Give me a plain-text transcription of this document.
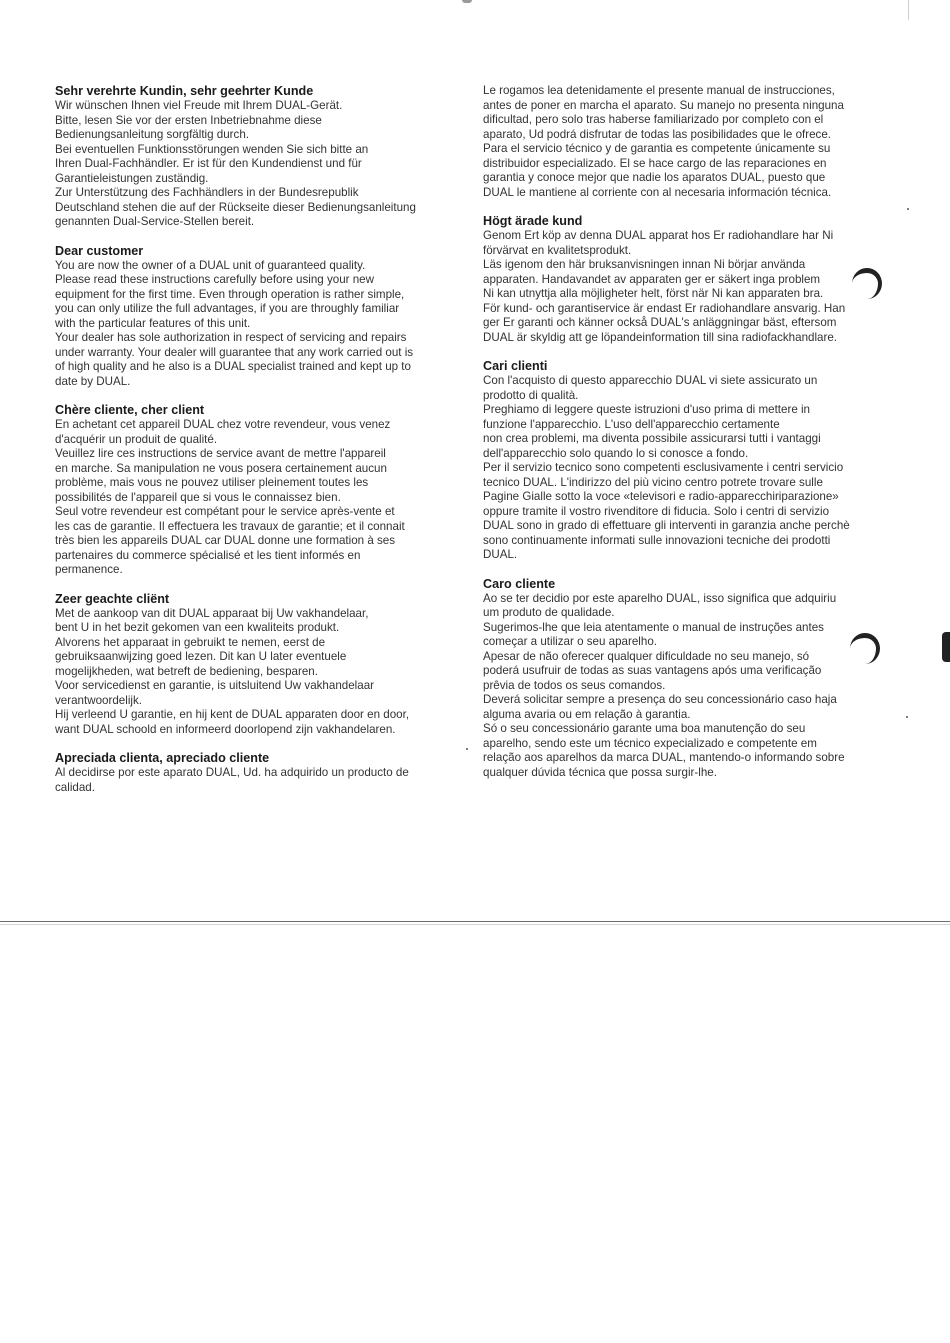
Sehr verehrte Kundin, sehr geehrter Kunde

Wir wünschen Ihnen viel Freude mit Ihrem DUAL-Gerät.
Bitte, lesen Sie vor der ersten Inbetriebnahme diese
Bedienungsanleitung sorgfältig durch.
Bei eventuellen Funktionsstörungen wenden Sie sich bitte an
Ihren Dual-Fachhändler. Er ist für den Kundendienst und für
Garantieleistungen zuständig.
Zur Unterstützung des Fachhändlers in der Bundesrepublik
Deutschland stehen die auf der Rückseite dieser Bedienungsanleitung
genannten Dual-Service-Stellen bereit.

Dear customer

You are now the owner of a DUAL unit of guaranteed quality.
Please read these instructions carefully before using your new
equipment for the first time. Even through operation is rather simple,
you can only utilize the full advantages, if you are throughly familiar
with the particular features of this unit.
Your dealer has sole authorization in respect of servicing and repairs
under warranty. Your dealer will guarantee that any work carried out is
of high quality and he also is a DUAL specialist trained and kept up to
date by DUAL.

Chère cliente, cher client

En achetant cet appareil DUAL chez votre revendeur, vous venez
d'acquérir un produit de qualité.
Veuillez lire ces instructions de service avant de mettre l'appareil
en marche. Sa manipulation ne vous posera certainement aucun
problème, mais vous ne pouvez utiliser pleinement toutes les
possibilités de l'appareil que si vous le connaissez bien.
Seul votre revendeur est compétant pour le service après-vente et
les cas de garantie. Il effectuera les travaux de garantie; et il connait
très bien les appareils DUAL car DUAL donne une formation à ses
partenaires du commerce spécialisé et les tient informés en
permanence.

Zeer geachte cliënt

Met de aankoop van dit DUAL apparaat bij Uw vakhandelaar,
bent U in het bezit gekomen van een kwaliteits produkt.
Alvorens het apparaat in gebruikt te nemen, eerst de
gebruiksaanwijzing goed lezen. Dit kan U later eventuele
mogelijkheden, wat betreft de bediening, besparen.
Voor servicedienst en garantie, is uitsluitend Uw vakhandelaar
verantwoordelijk.
Hij verleend U garantie, en hij kent de DUAL apparaten door en door,
want DUAL schoold en informeerd doorlopend zijn vakhandelaren.

Apreciada clienta, apreciado cliente

Al decidirse por este aparato DUAL, Ud. ha adquirido un producto de
calidad.

Le rogamos lea detenidamente el presente manual de instrucciones,
antes de poner en marcha el aparato. Su manejo no presenta ninguna
dificultad, pero solo tras haberse familiarizado por completo con el
aparato, Ud podrá disfrutar de todas las posibilidades que le ofrece.
Para el servicio técnico y de garantia es competente únicamente su
distribuidor especializado. El se hace cargo de las reparaciones en
garantia y conoce mejor que nadie los aparatos DUAL, puesto que
DUAL le mantiene al corriente con al necesaria información técnica.

Högt ärade kund

Genom Ert köp av denna DUAL apparat hos Er radiohandlare har Ni
förvärvat en kvalitetsprodukt.
Läs igenom den här bruksanvisningen innan Ni börjar använda
apparaten. Handavandet av apparaten ger er säkert inga problem
Ni kan utnyttja alla möjligheter helt, först när Ni kan apparaten bra.
För kund- och garantiservice är endast Er radiohandlare ansvarig. Han
ger Er garanti och känner också DUAL's anläggningar bäst, eftersom
DUAL är skyldig att ge löpandeinformation till sina radiofackhandlare.

Cari clienti

Con l'acquisto di questo apparecchio DUAL vi siete assicurato un
prodotto di qualità.
Preghiamo di leggere queste istruzioni d'uso prima di mettere in
funzione l'apparecchio. L'uso dell'apparecchio certamente
non crea problemi, ma diventa possibile assicurarsi tutti i vantaggi
dell'apparecchio solo quando lo si conosce a fondo.
Per il servizio tecnico sono competenti esclusivamente i centri servicio
tecnico DUAL. L'indirizzo del più vicino centro potrete trovare sulle
Pagine Gialle sotto la voce «televisori e radio-apparecchiriparazione»
oppure tramite il vostro rivenditore di fiducia. Solo i centri di servizio
DUAL sono in grado di effettuare gli interventi in garanzia anche perchè
sono continuamente informati sulle innovazioni tecniche dei prodotti
DUAL.

Caro cliente

Ao se ter decidio por este aparelho DUAL, isso significa que adquiriu
um produto de qualidade.
Sugerimos-lhe que leia atentamente o manual de instruções antes
começar a utilizar o seu aparelho.
Apesar de não oferecer qualquer dificuldade no seu manejo, só
poderá usufruir de todas as suas vantagens após uma verificação
prêvia de todos os seus comandos.
Deverá solicitar sempre a presença do seu concessionário caso haja
alguma avaria ou em relação à garantia.
Só o seu concessionário garante uma boa manutenção do seu
aparelho, sendo este um técnico expecializado e competente em
relação aos aparelhos da marca DUAL, mantendo-o informando sobre
qualquer dúvida técnica que possa surgir-lhe.
